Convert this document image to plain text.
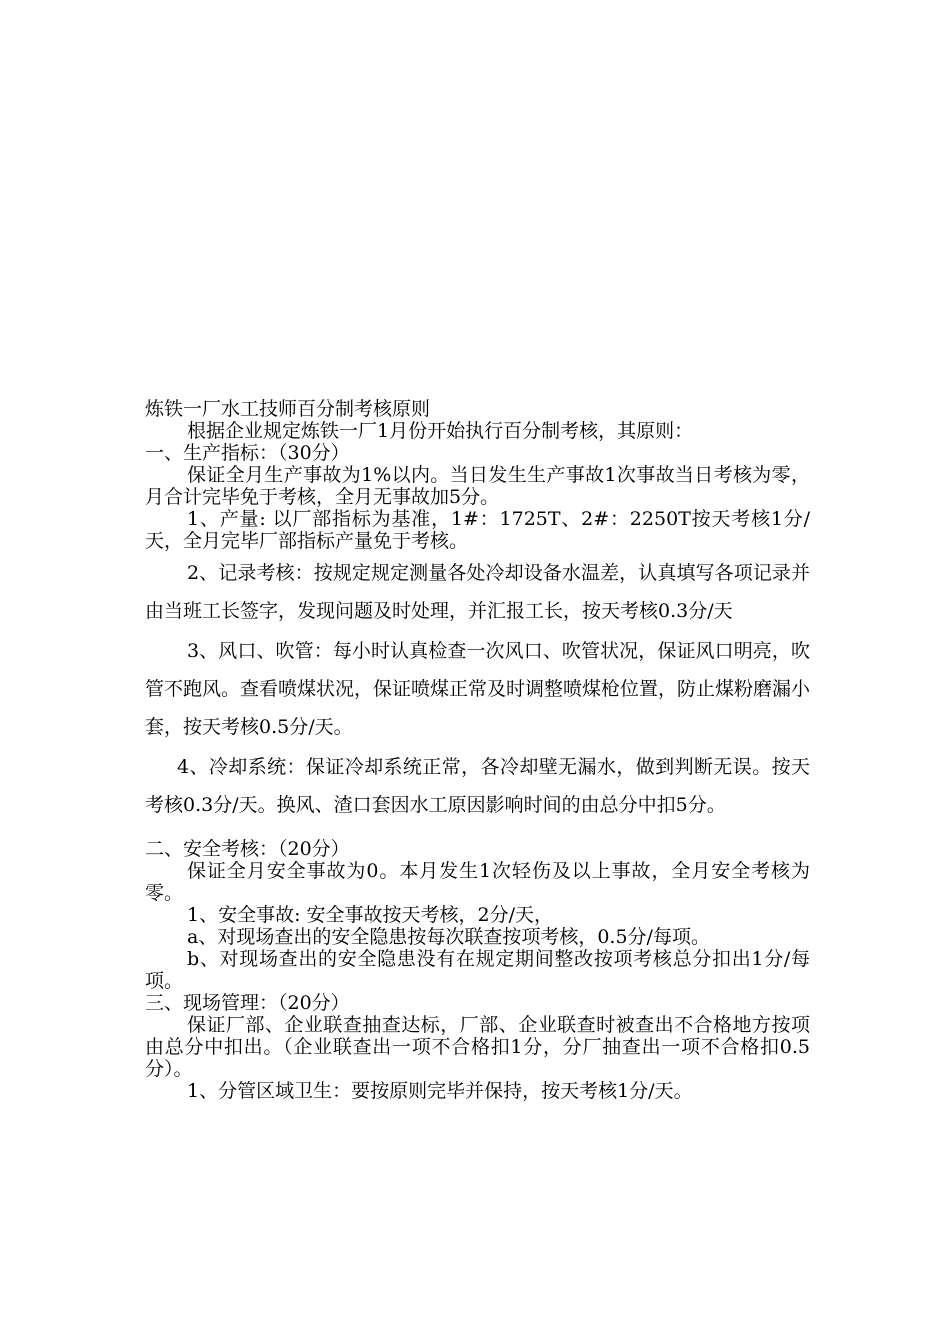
炼铁一厂水工技师百分制考核原则

根据企业规定炼铁一厂1月份开始执行百分制考核，其原则：

一、生产指标：（30分）

保证全月生产事故为1%以内。当日发生生产事故1次事故当日考核为零，月合计完毕免于考核，全月无事故加5分。

1、产量: 以厂部指标为基准，1#：1725T、2#：2250T按天考核1分/天，全月完毕厂部指标产量免于考核。

2、记录考核：按规定规定测量各处冷却设备水温差，认真填写各项记录并由当班工长签字，发现问题及时处理，并汇报工长，按天考核0.3分/天

3、风口、吹管：每小时认真检查一次风口、吹管状况，保证风口明亮，吹管不跑风。查看喷煤状况，保证喷煤正常及时调整喷煤枪位置，防止煤粉磨漏小套，按天考核0.5分/天。

4、冷却系统：保证冷却系统正常，各冷却壁无漏水，做到判断无误。按天考核0.3分/天。换风、渣口套因水工原因影响时间的由总分中扣5分。

二、安全考核：（20分）

保证全月安全事故为0。本月发生1次轻伤及以上事故，全月安全考核为零。

1、安全事故: 安全事故按天考核，2分/天，

a、对现场查出的安全隐患按每次联查按项考核，0.5分/每项。

b、对现场查出的安全隐患没有在规定期间整改按项考核总分扣出1分/每项。

三、现场管理：（20分）

保证厂部、企业联查抽查达标，厂部、企业联查时被查出不合格地方按项由总分中扣出。（企业联查出一项不合格扣1分，分厂抽查出一项不合格扣0.5分）。

1、分管区域卫生：要按原则完毕并保持，按天考核1分/天。
